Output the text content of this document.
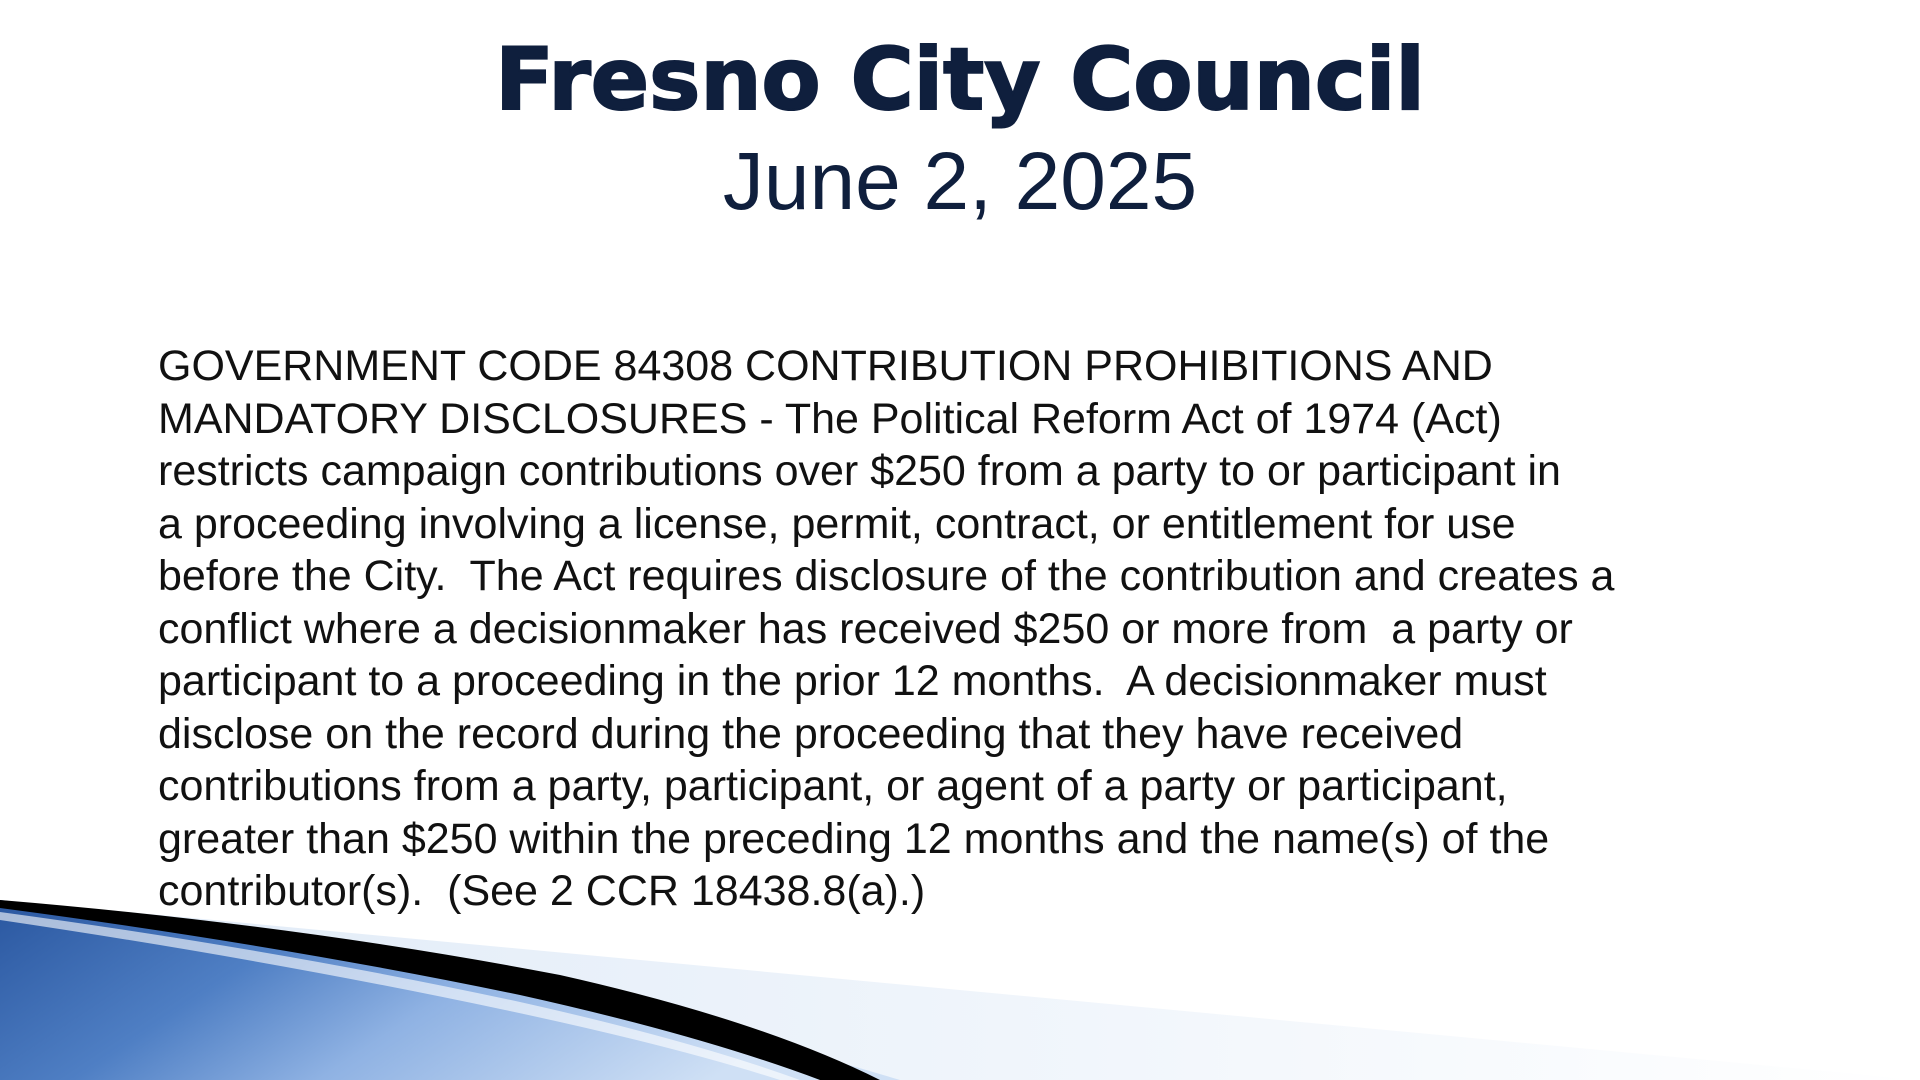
Fresno City Council
June 2, 2025
GOVERNMENT CODE 84308 CONTRIBUTION PROHIBITIONS AND
MANDATORY DISCLOSURES - The Political Reform Act of 1974 (Act)
restricts campaign contributions over $250 from a party to or participant in
a proceeding involving a license, permit, contract, or entitlement for use
before the City.  The Act requires disclosure of the contribution and creates a
conflict where a decisionmaker has received $250 or more from  a party or
participant to a proceeding in the prior 12 months.  A decisionmaker must
disclose on the record during the proceeding that they have received
contributions from a party, participant, or agent of a party or participant,
greater than $250 within the preceding 12 months and the name(s) of the
contributor(s).  (See 2 CCR 18438.8(a).)
